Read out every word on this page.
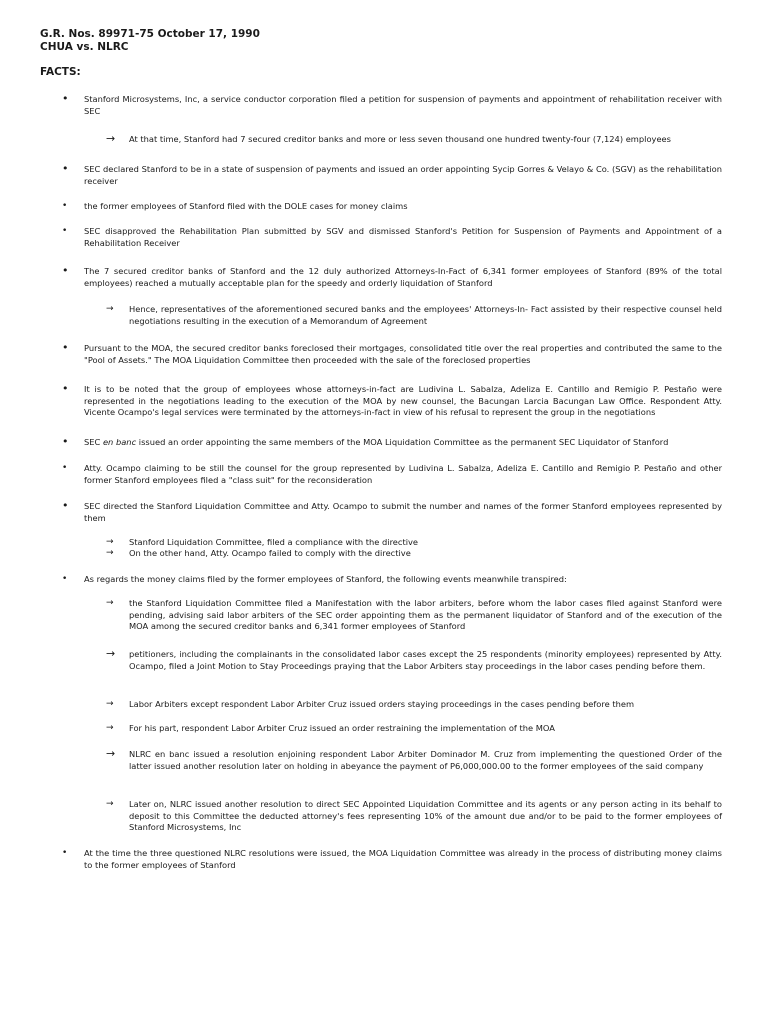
G.R. Nos. 89971-75 October 17, 1990
CHUA vs. NLRC
FACTS:
• Stanford Microsystems, Inc, a service conductor corporation filed a petition for suspension of payments and appointment of rehabilitation receiver with SEC
→ At that time, Stanford had 7 secured creditor banks and more or less seven thousand one hundred twenty-four (7,124) employees
• SEC declared Stanford to be in a state of suspension of payments and issued an order appointing Sycip Gorres & Velayo & Co. (SGV) as the rehabilitation receiver
• the former employees of Stanford filed with the DOLE cases for money claims
• SEC disapproved the Rehabilitation Plan submitted by SGV and dismissed Stanford's Petition for Suspension of Payments and Appointment of a Rehabilitation Receiver
• The 7 secured creditor banks of Stanford and the 12 duly authorized Attorneys-In-Fact of 6,341 former employees of Stanford (89% of the total employees) reached a mutually acceptable plan for the speedy and orderly liquidation of Stanford
→ Hence, representatives of the aforementioned secured banks and the employees' Attorneys-In- Fact assisted by their respective counsel held negotiations resulting in the execution of a Memorandum of Agreement
• Pursuant to the MOA, the secured creditor banks foreclosed their mortgages, consolidated title over the real properties and contributed the same to the "Pool of Assets." The MOA Liquidation Committee then proceeded with the sale of the foreclosed properties
• It is to be noted that the group of employees whose attorneys-in-fact are Ludivina L. Sabalza, Adeliza E. Cantillo and Remigio P. Pestaño were represented in the negotiations leading to the execution of the MOA by new counsel, the Bacungan Larcia Bacungan Law Office. Respondent Atty. Vicente Ocampo's legal services were terminated by the attorneys-in-fact in view of his refusal to represent the group in the negotiations
• SEC en banc issued an order appointing the same members of the MOA Liquidation Committee as the permanent SEC Liquidator of Stanford
• Atty. Ocampo claiming to be still the counsel for the group represented by Ludivina L. Sabalza, Adeliza E. Cantillo and Remigio P. Pestaño and other former Stanford employees filed a "class suit" for the reconsideration
• SEC directed the Stanford Liquidation Committee and Atty. Ocampo to submit the number and names of the former Stanford employees represented by them
→ Stanford Liquidation Committee, filed a compliance with the directive
→ On the other hand, Atty. Ocampo failed to comply with the directive
• As regards the money claims filed by the former employees of Stanford, the following events meanwhile transpired:
→ the Stanford Liquidation Committee filed a Manifestation with the labor arbiters, before whom the labor cases filed against Stanford were pending, advising said labor arbiters of the SEC order appointing them as the permanent liquidator of Stanford and of the execution of the MOA among the secured creditor banks and 6,341 former employees of Stanford
→ petitioners, including the complainants in the consolidated labor cases except the 25 respondents (minority employees) represented by Atty. Ocampo, filed a Joint Motion to Stay Proceedings praying that the Labor Arbiters stay proceedings in the labor cases pending before them.
→ Labor Arbiters except respondent Labor Arbiter Cruz issued orders staying proceedings in the cases pending before them
→ For his part, respondent Labor Arbiter Cruz issued an order restraining the implementation of the MOA
→ NLRC en banc issued a resolution enjoining respondent Labor Arbiter Dominador M. Cruz from implementing the questioned Order of the latter issued another resolution later on holding in abeyance the payment of P6,000,000.00 to the former employees of the said company
→ Later on, NLRC issued another resolution to direct SEC Appointed Liquidation Committee and its agents or any person acting in its behalf to deposit to this Committee the deducted attorney's fees representing 10% of the amount due and/or to be paid to the former employees of Stanford Microsystems, Inc
• At the time the three questioned NLRC resolutions were issued, the MOA Liquidation Committee was already in the process of distributing money claims to the former employees of Stanford
